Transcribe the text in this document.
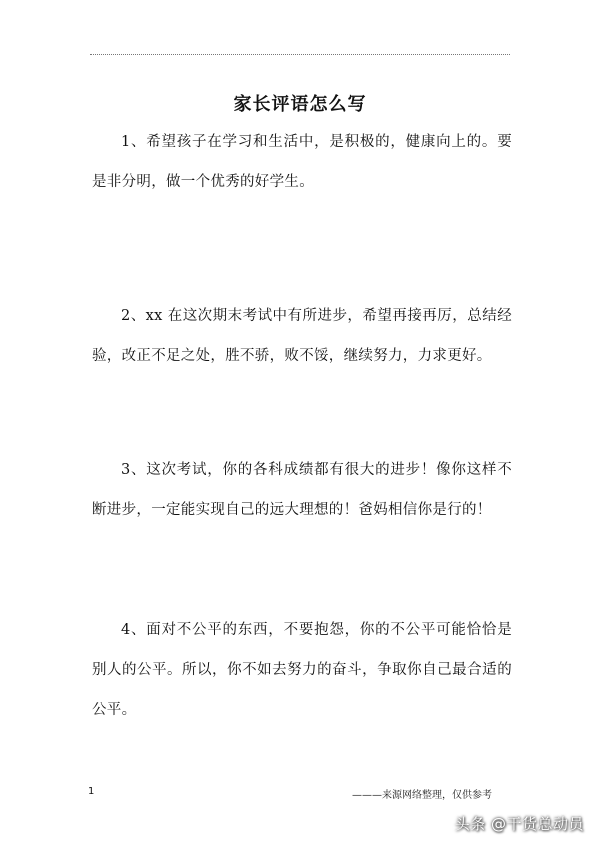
家长评语怎么写

1、希望孩子在学习和生活中，是积极的，健康向上的。要是非分明，做一个优秀的好学生。

2、xx 在这次期末考试中有所进步，希望再接再厉，总结经验，改正不足之处，胜不骄，败不馁，继续努力，力求更好。

3、这次考试，你的各科成绩都有很大的进步！像你这样不断进步，一定能实现自己的远大理想的！爸妈相信你是行的！

4、面对不公平的东西，不要抱怨，你的不公平可能恰恰是别人的公平。所以，你不如去努力的奋斗，争取你自己最合适的公平。

1	———来源网络整理，仅供参考
头条 @干货总动员
